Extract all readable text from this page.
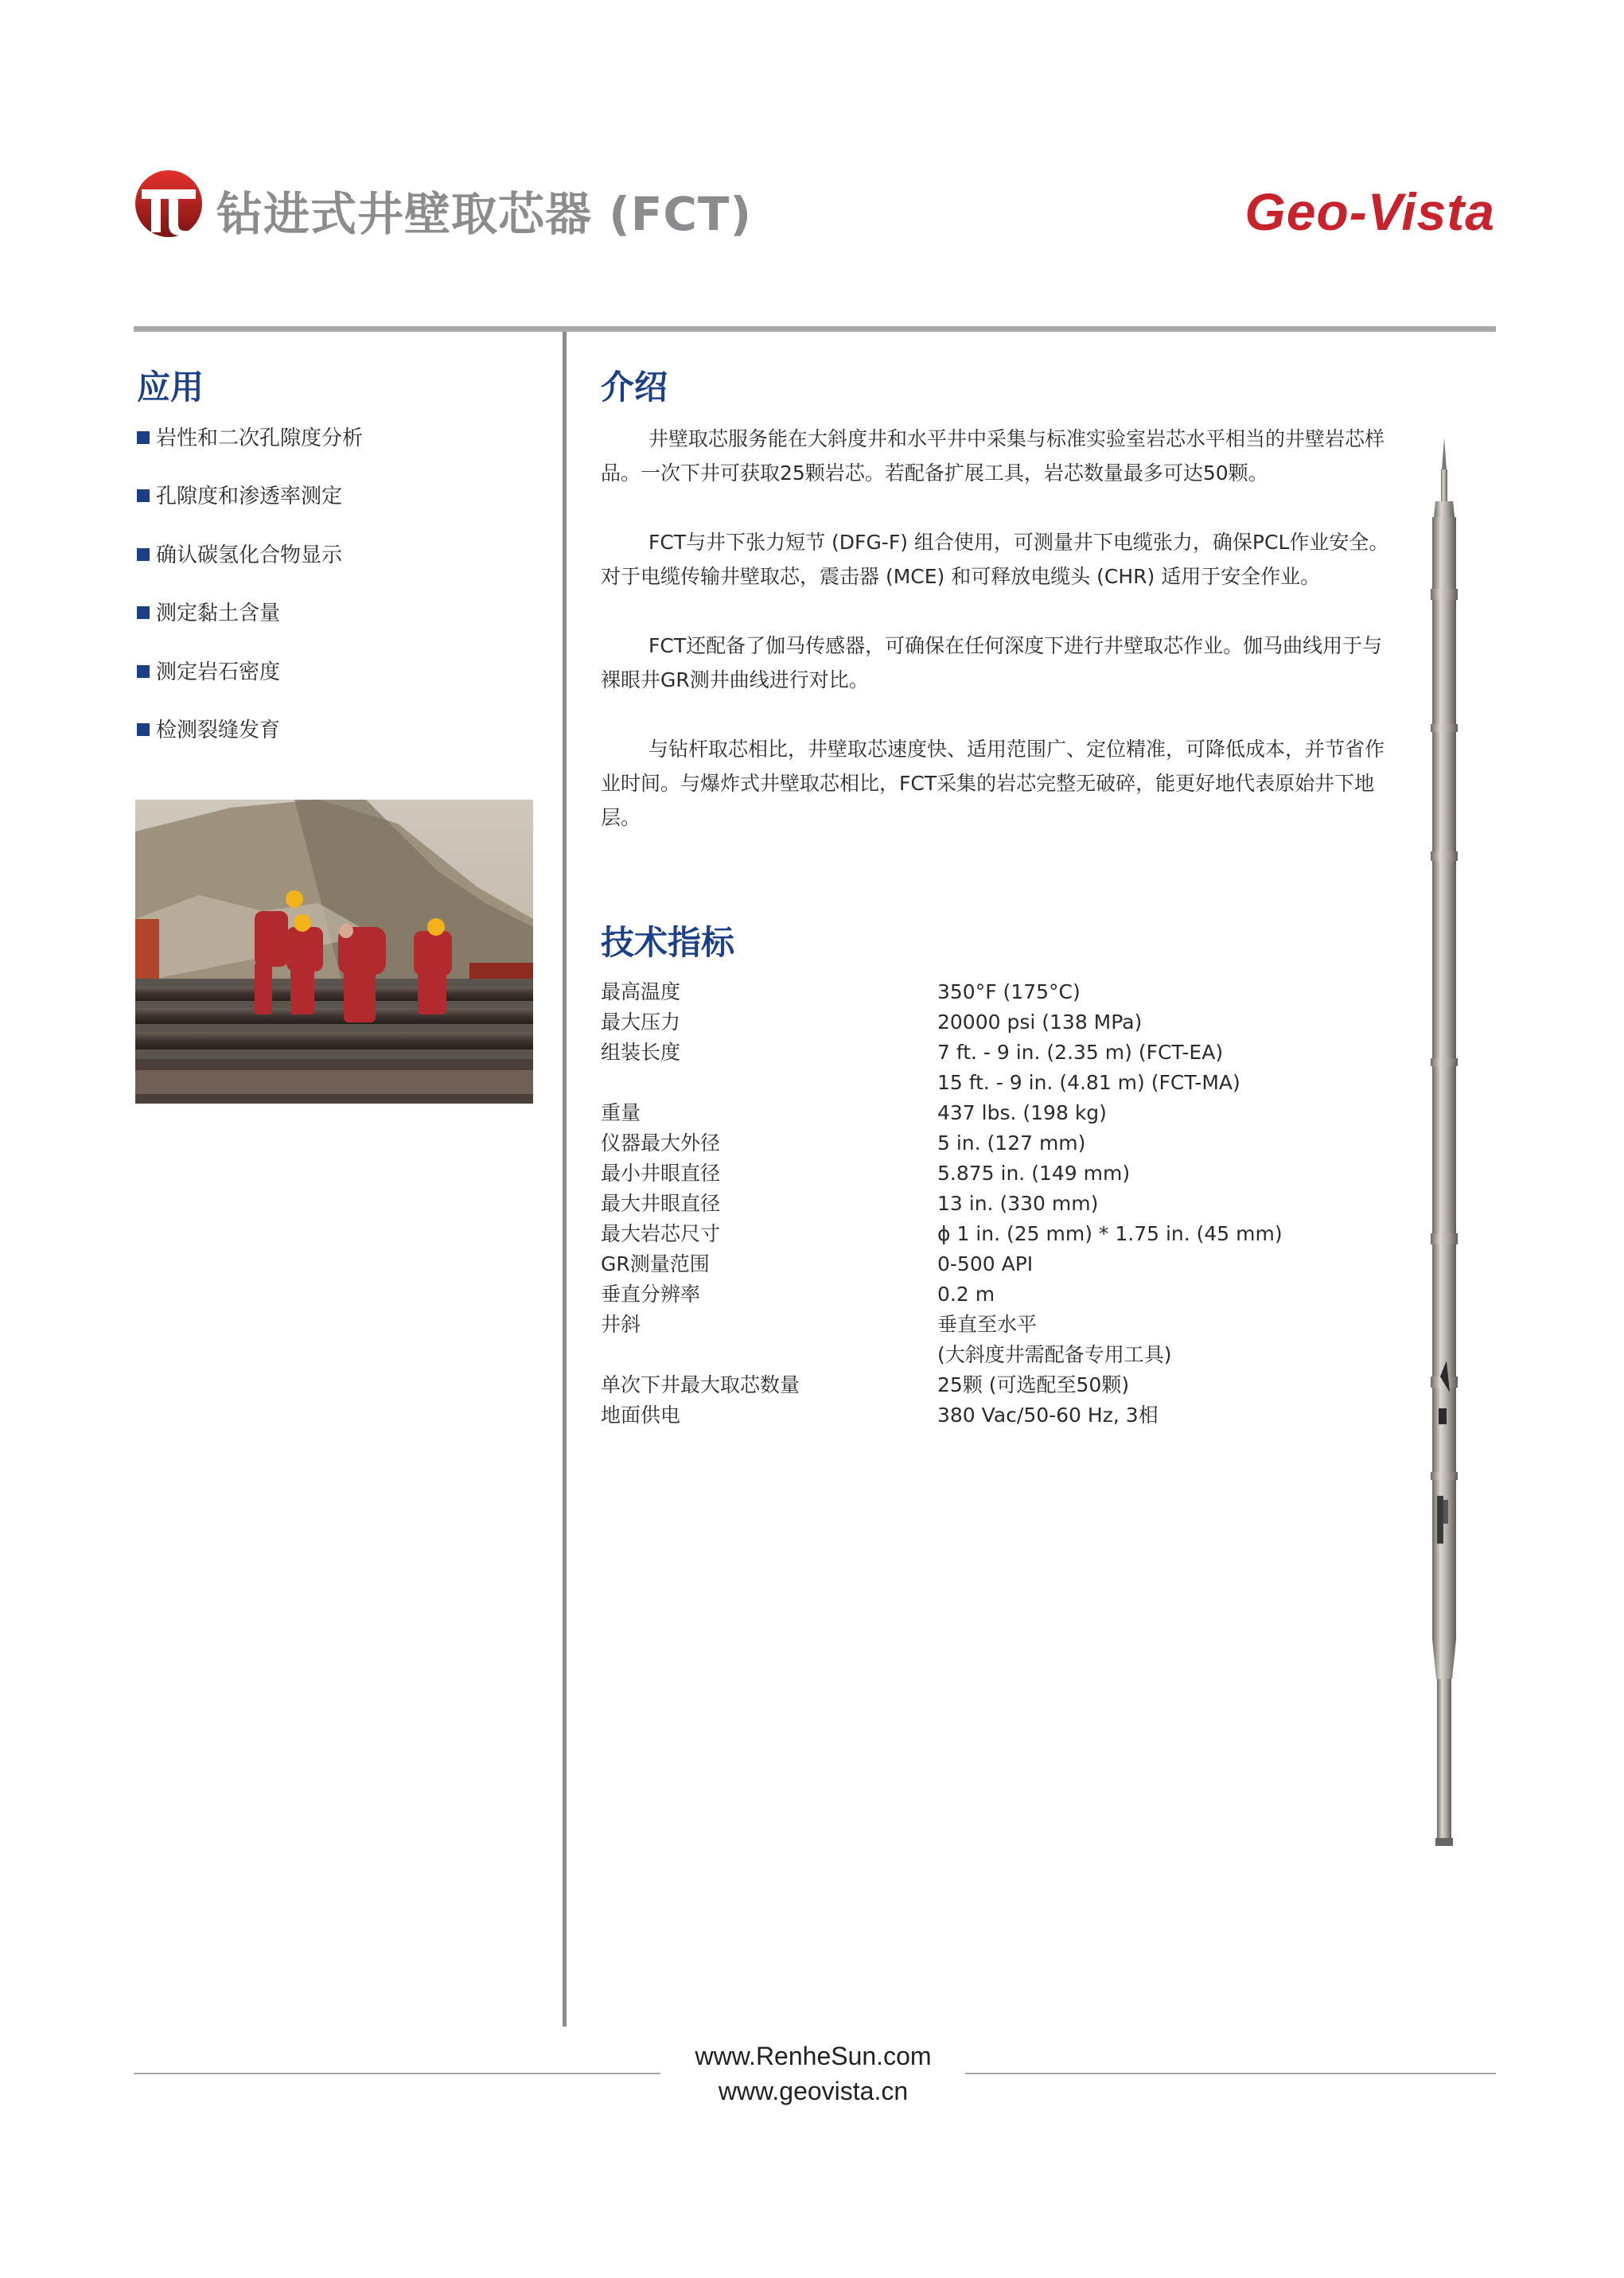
钻进式井壁取芯器 (FCT)	Geo-Vista
应用
岩性和二次孔隙度分析
孔隙度和渗透率测定
确认碳氢化合物显示
测定黏土含量
测定岩石密度
检测裂缝发育
介绍

井壁取芯服务能在大斜度井和水平井中采集与标准实验室岩芯水平相当的井壁岩芯样品。一次下井可获取25颗岩芯。若配备扩展工具，岩芯数量最多可达50颗。

FCT与井下张力短节 (DFG-F) 组合使用，可测量井下电缆张力，确保PCL作业安全。对于电缆传输井壁取芯，震击器 (MCE) 和可释放电缆头 (CHR) 适用于安全作业。

FCT还配备了伽马传感器，可确保在任何深度下进行井壁取芯作业。伽马曲线用于与裸眼井GR测井曲线进行对比。

与钻杆取芯相比，井壁取芯速度快、适用范围广、定位精准，可降低成本，并节省作业时间。与爆炸式井壁取芯相比，FCT采集的岩芯完整无破碎，能更好地代表原始井下地层。

技术指标
最高温度	350°F (175°C)
最大压力	20000 psi (138 MPa)
组装长度	7 ft. - 9 in. (2.35 m) (FCT-EA)
	15 ft. - 9 in. (4.81 m) (FCT-MA)
重量	437 lbs. (198 kg)
仪器最大外径	5 in. (127 mm)
最小井眼直径	5.875 in. (149 mm)
最大井眼直径	13 in. (330 mm)
最大岩芯尺寸	ϕ 1 in. (25 mm) * 1.75 in. (45 mm)
GR测量范围	0-500 API
垂直分辨率	0.2 m
井斜	垂直至水平
	(大斜度井需配备专用工具)
单次下井最大取芯数量	25颗 (可选配至50颗)
地面供电	380 Vac/50-60 Hz, 3相
www.RenheSun.com
www.geovista.cn
